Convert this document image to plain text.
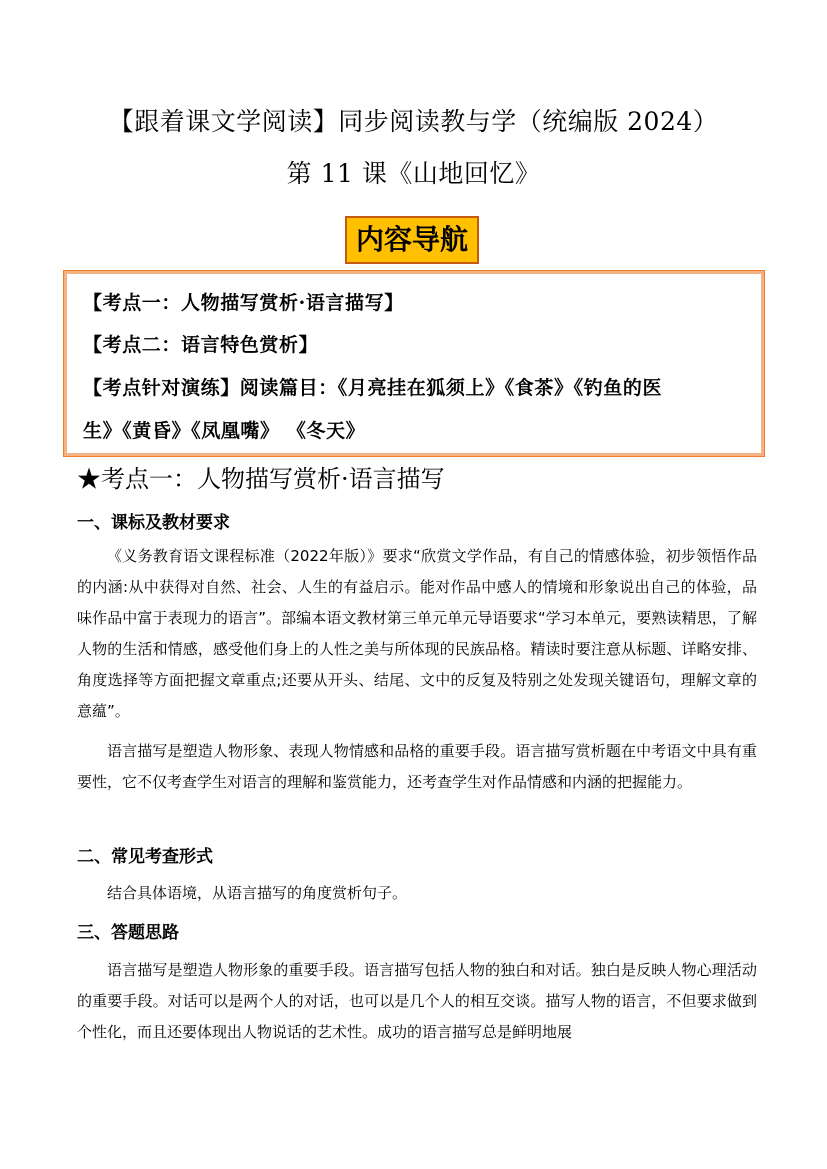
【跟着课文学阅读】同步阅读教与学（统编版 2024）
第 11 课《山地回忆》
内容导航
【考点一：人物描写赏析·语言描写】
【考点二：语言特色赏析】
【考点针对演练】阅读篇目：《月亮挂在狐须上》《食茶》《钓鱼的医
生》《黄昏》《凤凰嘴》 《冬天》
★考点一：人物描写赏析·语言描写
一、课标及教材要求
《义务教育语文课程标准（2022年版）》要求“欣赏文学作品，有自己的情感体验，初步领悟作品的内涵:从中获得对自然、社会、人生的有益启示。能对作品中感人的情境和形象说出自己的体验，品味作品中富于表现力的语言”。部编本语文教材第三单元单元导语要求“学习本单元，要熟读精思，了解人物的生活和情感，感受他们身上的人性之美与所体现的民族品格。精读时要注意从标题、详略安排、角度选择等方面把握文章重点;还要从开头、结尾、文中的反复及特别之处发现关键语句，理解文章的意蕴”。
语言描写是塑造人物形象、表现人物情感和品格的重要手段。语言描写赏析题在中考语文中具有重要性，它不仅考查学生对语言的理解和鉴赏能力，还考查学生对作品情感和内涵的把握能力。
二、常见考查形式
结合具体语境，从语言描写的角度赏析句子。
三、答题思路
语言描写是塑造人物形象的重要手段。语言描写包括人物的独白和对话。独白是反映人物心理活动的重要手段。对话可以是两个人的对话，也可以是几个人的相互交谈。描写人物的语言，不但要求做到个性化，而且还要体现出人物说话的艺术性。成功的语言描写总是鲜明地展
